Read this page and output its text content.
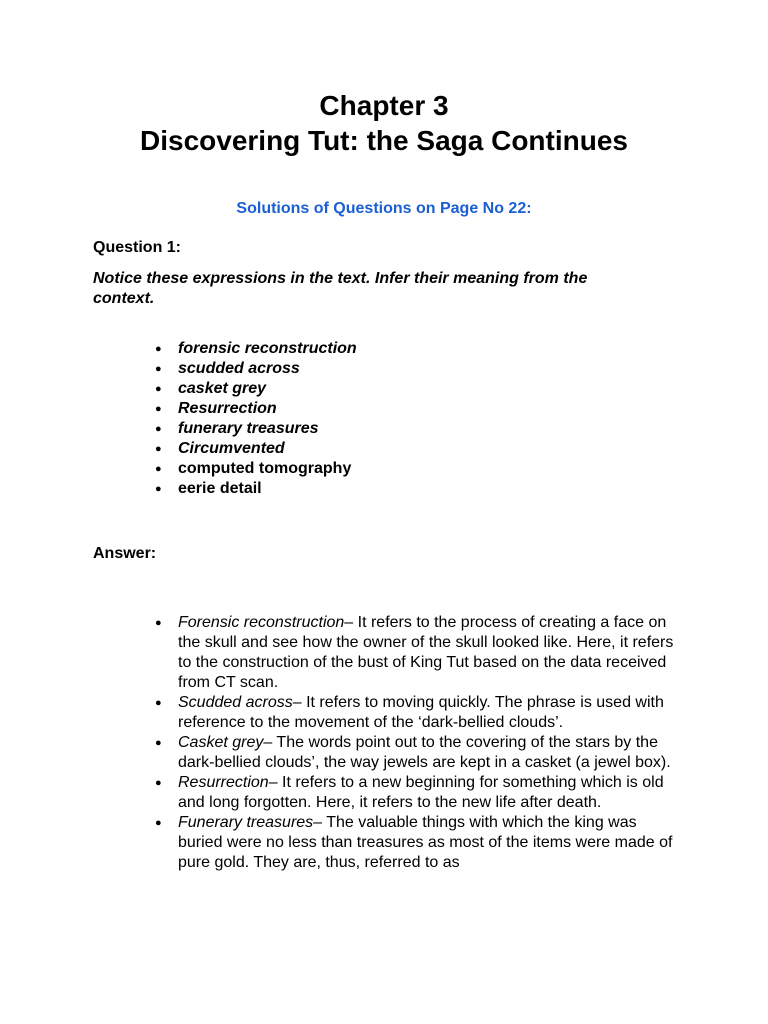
Chapter 3
Discovering Tut: the Saga Continues
Solutions of Questions on Page No 22:
Question 1:
Notice these expressions in the text. Infer their meaning from the context.
● forensic reconstruction
● scudded across
● casket grey
● Resurrection
● funerary treasures
● Circumvented
● computed tomography
● eerie detail
Answer:
● Forensic reconstruction– It refers to the process of creating a face on the skull and see how the owner of the skull looked like. Here, it refers to the construction of the bust of King Tut based on the data received from CT scan.
● Scudded across– It refers to moving quickly. The phrase is used with reference to the movement of the ‘dark-bellied clouds’.
● Casket grey– The words point out to the covering of the stars by the dark-bellied clouds’, the way jewels are kept in a casket (a jewel box).
● Resurrection– It refers to a new beginning for something which is old and long forgotten. Here, it refers to the new life after death.
● Funerary treasures– The valuable things with which the king was buried were no less than treasures as most of the items were made of pure gold. They are, thus, referred to as
